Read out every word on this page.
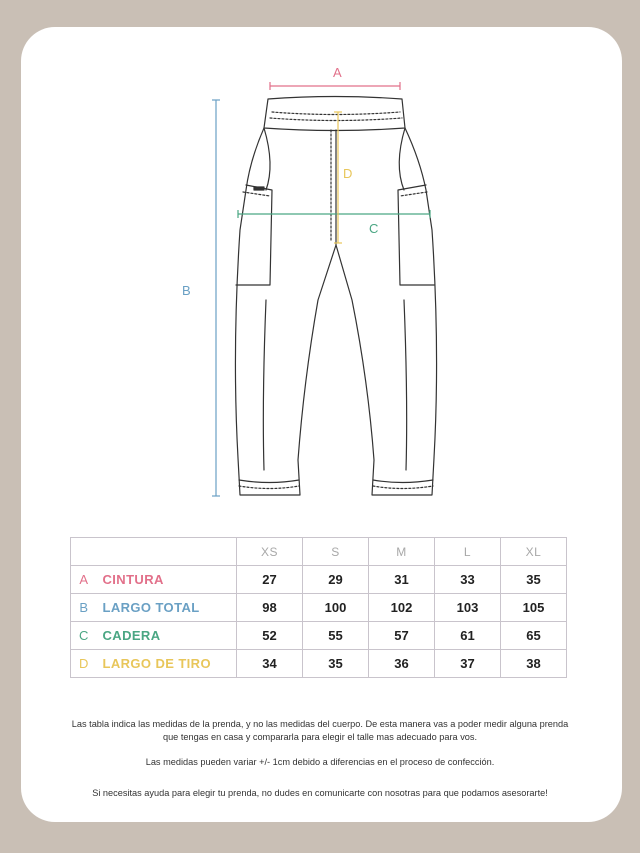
A
B
C
D
		XS	S	M	L	XL
A	CINTURA	27	29	31	33	35
B	LARGO TOTAL	98	100	102	103	105
C	CADERA	52	55	57	61	65
D	LARGO DE TIRO	34	35	36	37	38
Las tabla indica las medidas de la prenda, y no las medidas del cuerpo. De esta manera vas a poder medir alguna prenda
que tengas en casa y compararla para elegir el talle mas adecuado para vos.
Las medidas pueden variar +/- 1cm debido a diferencias en el proceso de confección.
Si necesitas ayuda para elegir tu prenda, no dudes en comunicarte con nosotras para que podamos asesorarte!
